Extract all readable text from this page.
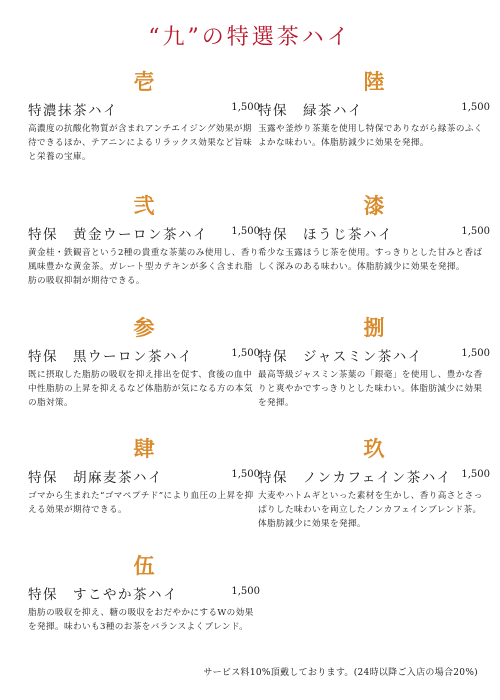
“九”の特選茶ハイ
壱
特濃抹茶ハイ	1,500
高濃度の抗酸化物質が含まれアンチエイジング効果が期待できるほか、テアニンによるリラックス効果など旨味と栄養の宝庫。
陸
特保　緑茶ハイ	1,500
玉露や釜炒り茶葉を使用し特保でありながら緑茶のふくよかな味わい。体脂肪減少に効果を発揮。
弐
特保　黄金ウーロン茶ハイ 1,500
黄金桂・鉄観音という2種の貴重な茶葉のみ使用し、香り風味豊かな黄金茶。ガレート型カテキンが多く含まれ脂肪の吸収抑制が期待できる。
漆
特保　ほうじ茶ハイ	1,500
希少な玉露ほうじ茶を使用。すっきりとした甘みと香ばしく深みのある味わい。体脂肪減少に効果を発揮。
参
特保　黒ウーロン茶ハイ	1,500
既に摂取した脂肪の吸収を抑え排出を促す、食後の血中中性脂肪の上昇を抑えるなど体脂肪が気になる方の本気の脂対策。
捌
特保　ジャスミン茶ハイ	1,500
最高等級ジャスミン茶葉の「銀毫」を使用し、豊かな香りと爽やかですっきりとした味わい。体脂肪減少に効果を発揮。
肆
特保　胡麻麦茶ハイ	1,500
ゴマから生まれた“ゴマペプチド”により血圧の上昇を抑える効果が期待できる。
玖
特保　ノンカフェイン茶ハイ 1,500
大麦やハトムギといった素材を生かし、香り高さとさっぱりした味わいを両立したノンカフェインブレンド茶。体脂肪減少に効果を発揮。
伍
特保　すこやか茶ハイ	1,500
脂肪の吸収を抑え、糖の吸収をおだやかにするWの効果を発揮。味わいも3種のお茶をバランスよくブレンド。
サービス料10%頂戴しております。(24時以降ご入店の場合20%)
